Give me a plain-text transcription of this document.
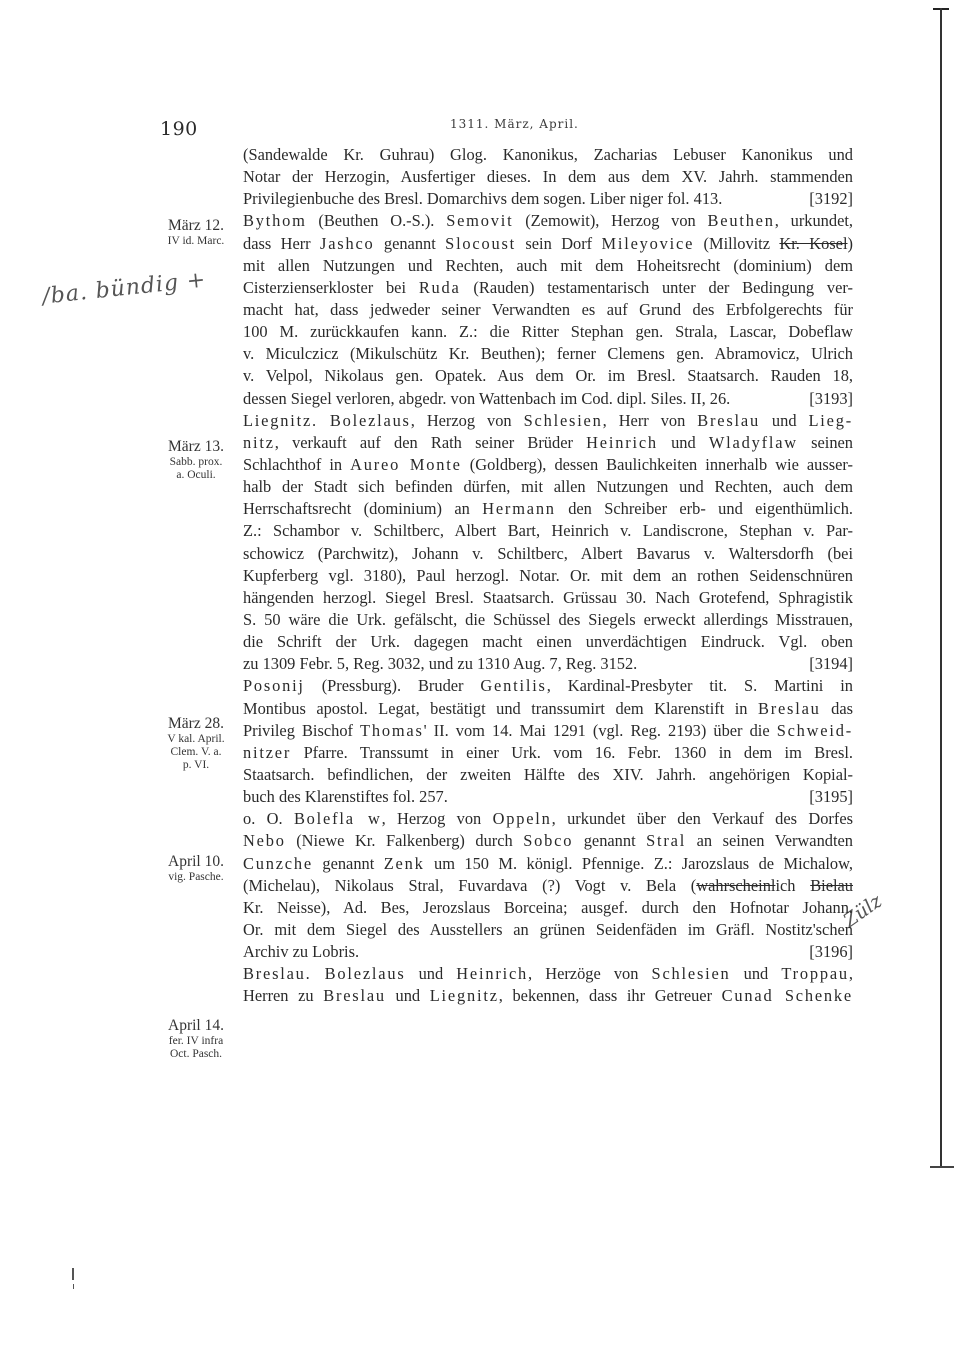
190	1311. März, April.
/ba. bündig +
Zülz
März 12.
IV id. Marc.
März 13.
Sabb. prox.
a. Oculi.
März 28.
V kal. April.
Clem. V. a.
p. VI.
April 10.
vig. Pasche.
April 14.
fer. IV infra
Oct. Pasch.
(Sandewalde Kr. Guhrau) Glog. Kanonikus, Zacharias Lebuser Kanonikus und
Notar der Herzogin, Ausfertiger dieses. In dem aus dem XV. Jahrh. stammenden
Privilegienbuche des Bresl. Domarchivs dem sogen. Liber niger fol. 413.	[3192]
Bythom (Beuthen O.-S.). Semovit (Zemowit), Herzog von Beuthen, urkundet,
dass Herr Jashco genannt Slocoust sein Dorf Mileyovice (Millovitz Kr. Kosel)
mit allen Nutzungen und Rechten, auch mit dem Hoheitsrecht (dominium) dem
Cisterzienserkloster bei Ruda (Rauden) testamentarisch unter der Bedingung ver-
macht hat, dass jedweder seiner Verwandten es auf Grund des Erbfolgerechts für
100 M. zurückkaufen kann. Z.: die Ritter Stephan gen. Strala, Lascar, Dobeflaw
v. Miculczicz (Mikulschütz Kr. Beuthen); ferner Clemens gen. Abramovicz, Ulrich
v. Velpol, Nikolaus gen. Opatek. Aus dem Or. im Bresl. Staatsarch. Rauden 18,
dessen Siegel verloren, abgedr. von Wattenbach im Cod. dipl. Siles. II, 26.	[3193]
Liegnitz. Bolezlaus, Herzog von Schlesien, Herr von Breslau und Lieg-
nitz, verkauft auf den Rath seiner Brüder Heinrich und Wladyflaw seinen
Schlachthof in Aureo Monte (Goldberg), dessen Baulichkeiten innerhalb wie ausser-
halb der Stadt sich befinden dürfen, mit allen Nutzungen und Rechten, auch dem
Herrschaftsrecht (dominium) an Hermann den Schreiber erb- und eigenthümlich.
Z.: Schambor v. Schiltberc, Albert Bart, Heinrich v. Landiscrone, Stephan v. Par-
schowicz (Parchwitz), Johann v. Schiltberc, Albert Bavarus v. Waltersdorfh (bei
Kupferberg vgl. 3180), Paul herzogl. Notar. Or. mit dem an rothen Seidenschnüren
hängenden herzogl. Siegel Bresl. Staatsarch. Grüssau 30. Nach Grotefend, Sphragistik
S. 50 wäre die Urk. gefälscht, die Schüssel des Siegels erweckt allerdings Misstrauen,
die Schrift der Urk. dagegen macht einen unverdächtigen Eindruck. Vgl. oben
zu 1309 Febr. 5, Reg. 3032, und zu 1310 Aug. 7, Reg. 3152.	[3194]
Posonij (Pressburg). Bruder Gentilis, Kardinal-Presbyter tit. S. Martini in
Montibus apostol. Legat, bestätigt und transsumirt dem Klarenstift in Breslau das
Privileg Bischof Thomas' II. vom 14. Mai 1291 (vgl. Reg. 2193) über die Schweid-
nitzer Pfarre. Transsumt in einer Urk. vom 16. Febr. 1360 in dem im Bresl.
Staatsarch. befindlichen, der zweiten Hälfte des XIV. Jahrh. angehörigen Kopial-
buch des Klarenstiftes fol. 257.	[3195]
o. O. Bolefla w, Herzog von Oppeln, urkundet über den Verkauf des Dorfes
Nebo (Niewe Kr. Falkenberg) durch Sobco genannt Stral an seinen Verwandten
Cunzche genannt Zenk um 150 M. königl. Pfennige. Z.: Jarozslaus de Michalow,
(Michelau), Nikolaus Stral, Fuvardava (?) Vogt v. Bela (wahrscheinlich Bielau
Kr. Neisse), Ad. Bes, Jerozslaus Borceina; ausgef. durch den Hofnotar Johann.
Or. mit dem Siegel des Ausstellers an grünen Seidenfäden im Gräfl. Nostitz'schen
Archiv zu Lobris.	[3196]
Breslau. Bolezlaus und Heinrich, Herzöge von Schlesien und Troppau,
Herren zu Breslau und Liegnitz, bekennen, dass ihr Getreuer Cunad Schenke
